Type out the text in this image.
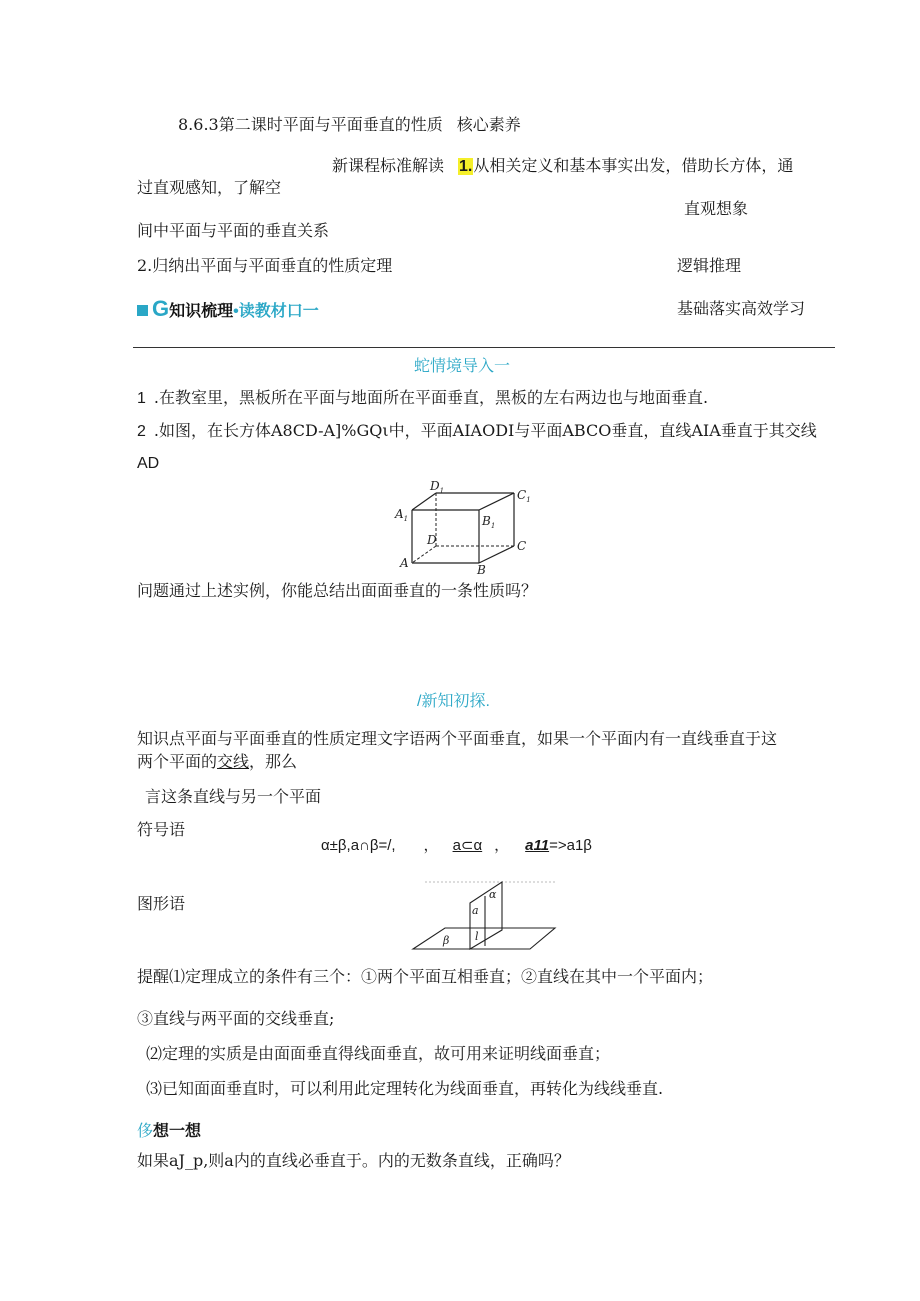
8.6.3第二课时平面与平面垂直的性质 核心素养
新课程标准解读 1.从相关定义和基本事实出发，借助长方体，通
过直观感知，了解空
直观想象
间中平面与平面的垂直关系
2.归纳出平面与平面垂直的性质定理	逻辑推理
G知识梳理•读教材口一	基础落实高效学习
蛇情境导入一
1 .在教室里，黑板所在平面与地面所在平面垂直，黑板的左右两边也与地面垂直.
2 .如图，在长方体A8CD-A]%GQι中，平面AIAODI与平面ABCO垂直，直线AIA垂直于其交线
AD
$D_1$	$C_1$
$A_1$	$B_1$
D	C
A	B
问题通过上述实例，你能总结出面面垂直的一条性质吗？
/新知初探.
知识点平面与平面垂直的性质定理文字语两个平面垂直，如果一个平面内有一直线垂直于这
两个平面的交线，那么
言这条直线与另一个平面
符号语
α±β,a∩β=/, ， a⊂α ， a11=>a1β
图形语	α
a
l
β
提醒⑴定理成立的条件有三个：①两个平面互相垂直；②直线在其中一个平面内；
③直线与两平面的交线垂直;
⑵定理的实质是由面面垂直得线面垂直，故可用来证明线面垂直；
⑶已知面面垂直时，可以利用此定理转化为线面垂直，再转化为线线垂直.
侈想一想
如果aJ_p,则a内的直线必垂直于。内的无数条直线，正确吗？
